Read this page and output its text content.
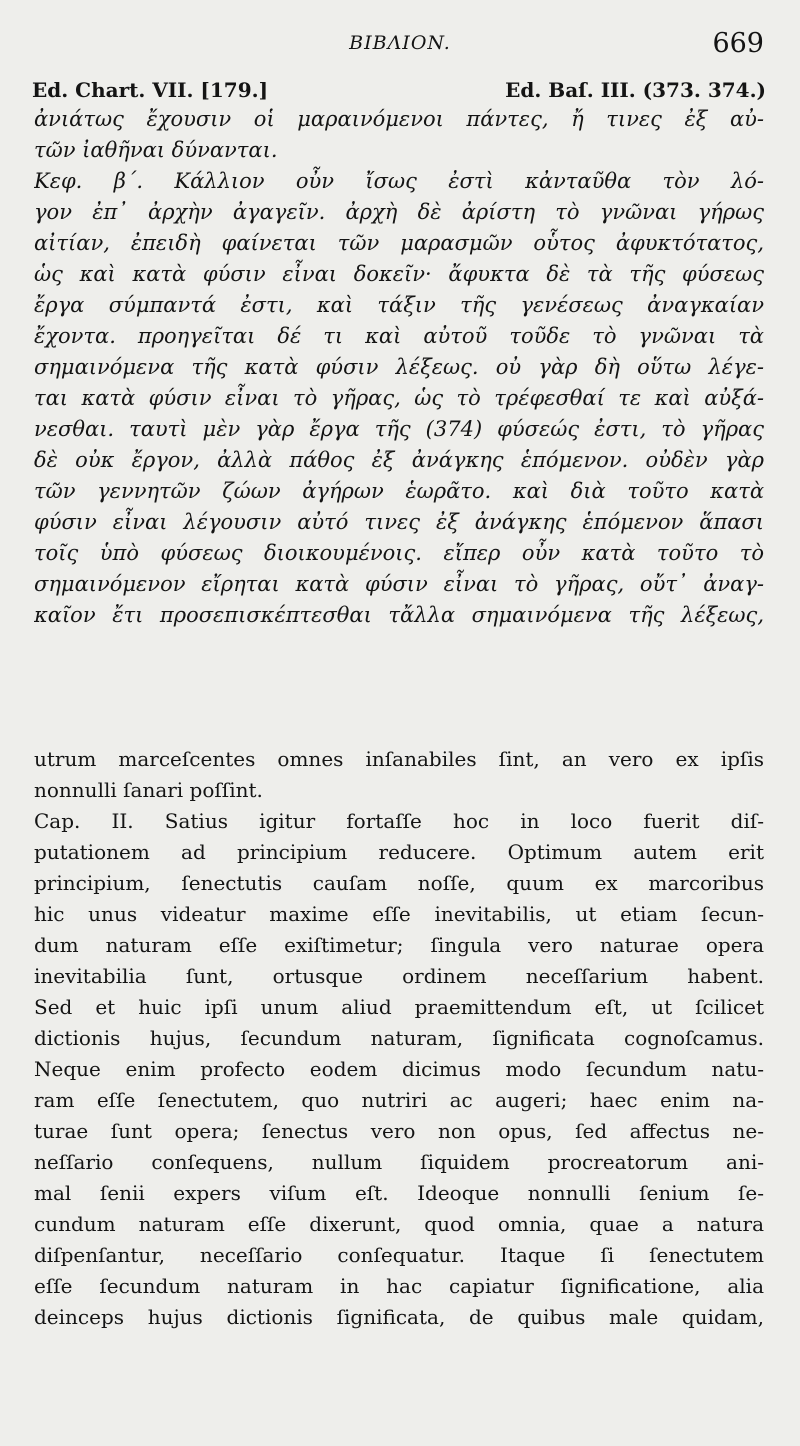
BIBΛION.	669
Ed. Chart. VII. [179.]	Ed. Baſ. III. (373. 374.)
ἀνιάτως ἔχουσιν οἱ μαραινόμενοι πάντες, ἤ τινες ἐξ αὐ-
τῶν ἰαθῆναι δύνανται.
Κεφ. β΄. Κάλλιον οὖν ἴσως ἐστὶ κἀνταῦθα τὸν λό-
γον ἐπ᾽ ἀρχὴν ἀγαγεῖν. ἀρχὴ δὲ ἀρίστη τὸ γνῶναι γήρως
αἰτίαν, ἐπειδὴ φαίνεται τῶν μαρασμῶν οὗτος ἀφυκτότατος,
ὡς καὶ κατὰ φύσιν εἶναι δοκεῖν· ἄφυκτα δὲ τὰ τῆς φύσεως
ἔργα σύμπαντά ἐστι, καὶ τάξιν τῆς γενέσεως ἀναγκαίαν
ἔχοντα. προηγεῖται δέ τι καὶ αὐτοῦ τοῦδε τὸ γνῶναι τὰ
σημαινόμενα τῆς κατὰ φύσιν λέξεως. οὐ γὰρ δὴ οὕτω λέγε-
ται κατὰ φύσιν εἶναι τὸ γῆρας, ὡς τὸ τρέφεσθαί τε καὶ αὐξά-
νεσθαι. ταυτὶ μὲν γὰρ ἔργα τῆς (374) φύσεώς ἐστι, τὸ γῆρας
δὲ οὐκ ἔργον, ἀλλὰ πάθος ἐξ ἀνάγκης ἑπόμενον. οὐδὲν γὰρ
τῶν γεννητῶν ζώων ἀγήρων ἑωρᾶτο. καὶ διὰ τοῦτο κατὰ
φύσιν εἶναι λέγουσιν αὐτό τινες ἐξ ἀνάγκης ἑπόμενον ἅπασι
τοῖς ὑπὸ φύσεως διοικουμένοις. εἴπερ οὖν κατὰ τοῦτο τὸ
σημαινόμενον εἴρηται κατὰ φύσιν εἶναι τὸ γῆρας, οὔτ᾽ ἀναγ-
καῖον ἔτι προσεπισκέπτεσθαι τἄλλα σημαινόμενα τῆς λέξεως,
utrum marceſcentes omnes inſanabiles ſint, an vero ex ipſis
nonnulli ſanari poſſint.
Cap. II. Satius igitur fortaſſe hoc in loco fuerit diſ-
putationem ad principium reducere. Optimum autem erit
principium, ſenectutis cauſam noſſe, quum ex marcoribus
hic unus videatur maxime eſſe inevitabilis, ut etiam ſecun-
dum naturam eſſe exiſtimetur; ſingula vero naturae opera
inevitabilia ſunt, ortusque ordinem neceſſarium habent.
Sed et huic ipſi unum aliud praemittendum eſt, ut ſcilicet
dictionis hujus, ſecundum naturam, ſignificata cognoſcamus.
Neque enim profecto eodem dicimus modo ſecundum natu-
ram eſſe ſenectutem, quo nutriri ac augeri; haec enim na-
turae ſunt opera; ſenectus vero non opus, ſed affectus ne-
neſſario conſequens, nullum ſiquidem procreatorum ani-
mal ſenii expers viſum eſt. Ideoque nonnulli ſenium ſe-
cundum naturam eſſe dixerunt, quod omnia, quae a natura
diſpenſantur, neceſſario conſequatur. Itaque ſi ſenectutem
eſſe ſecundum naturam in hac capiatur ſignificatione, alia
deinceps hujus dictionis ſignificata, de quibus male quidam,
